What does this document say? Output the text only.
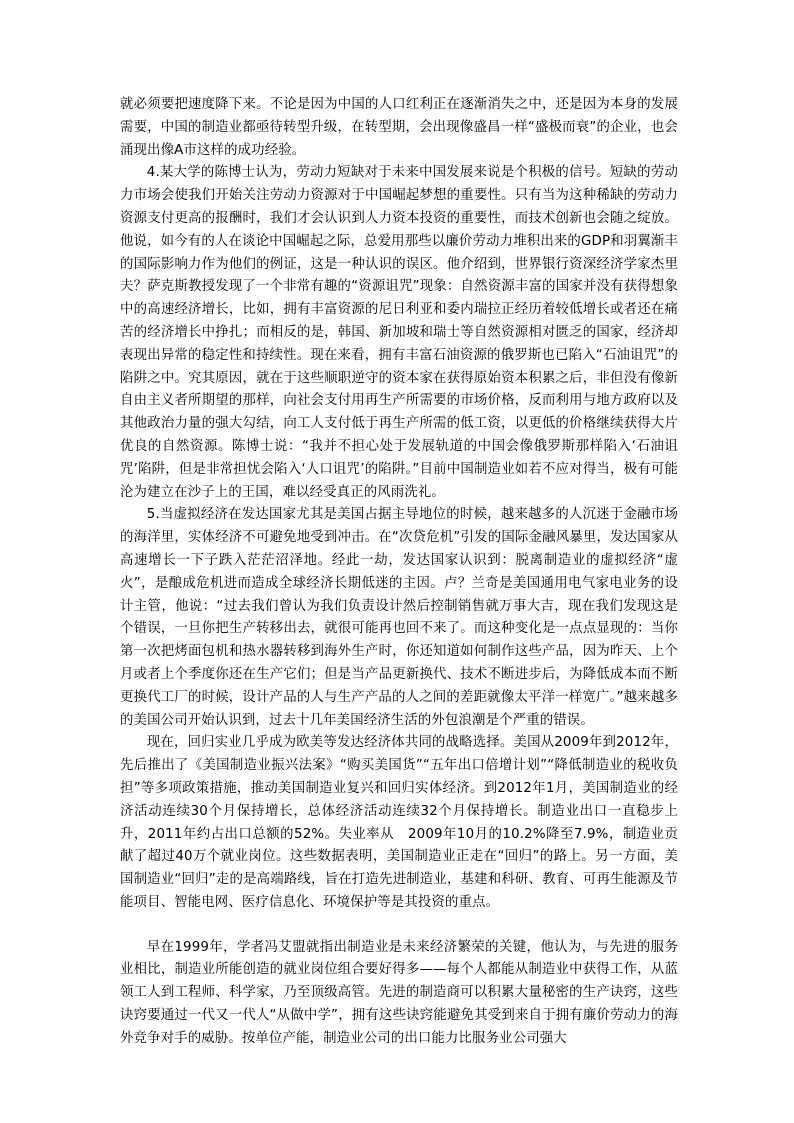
就必须要把速度降下来。不论是因为中国的人口红利正在逐渐消失之中，还是因为本身的发展需要，中国的制造业都亟待转型升级，在转型期，会出现像盛昌一样“盛极而衰”的企业，也会涌现出像A市这样的成功经验。

4.某大学的陈博士认为，劳动力短缺对于未来中国发展来说是个积极的信号。短缺的劳动力市场会使我们开始关注劳动力资源对于中国崛起梦想的重要性。只有当为这种稀缺的劳动力资源支付更高的报酬时，我们才会认识到人力资本投资的重要性，而技术创新也会随之绽放。他说，如今有的人在谈论中国崛起之际，总爱用那些以廉价劳动力堆积出来的GDP和羽翼渐丰的国际影响力作为他们的例证，这是一种认识的误区。他介绍到，世界银行资深经济学家杰里夫？萨克斯教授发现了一个非常有趣的“资源诅咒”现象：自然资源丰富的国家并没有获得想象中的高速经济增长，比如，拥有丰富资源的尼日利亚和委内瑞拉正经历着较低增长或者还在痛苦的经济增长中挣扎；而相反的是，韩国、新加坡和瑞士等自然资源相对匮乏的国家，经济却表现出异常的稳定性和持续性。现在来看，拥有丰富石油资源的俄罗斯也已陷入“石油诅咒”的陷阱之中。究其原因，就在于这些顺职逆守的资本家在获得原始资本积累之后，非但没有像新自由主义者所期望的那样，向社会支付用再生产所需要的市场价格，反而利用与地方政府以及其他政治力量的强大勾结，向工人支付低于再生产所需的低工资，以更低的价格继续获得大片优良的自然资源。陈博士说：“我并不担心处于发展轨道的中国会像俄罗斯那样陷入‘石油诅咒’陷阱，但是非常担忧会陷入‘人口诅咒’的陷阱。”目前中国制造业如若不应对得当，极有可能沦为建立在沙子上的王国，难以经受真正的风雨洗礼。

5.当虚拟经济在发达国家尤其是美国占据主导地位的时候，越来越多的人沉迷于金融市场的海洋里，实体经济不可避免地受到冲击。在“次贷危机”引发的国际金融风暴里，发达国家从高速增长一下子跌入茫茫沼泽地。经此一劫，发达国家认识到：脱离制造业的虚拟经济“虚火”，是酿成危机进而造成全球经济长期低迷的主因。卢？兰奇是美国通用电气家电业务的设计主管，他说：“过去我们曾认为我们负责设计然后控制销售就万事大吉，现在我们发现这是个错误，一旦你把生产转移出去，就很可能再也回不来了。而这种变化是一点点显现的：当你第一次把烤面包机和热水器转移到海外生产时，你还知道如何制作这些产品，因为昨天、上个月或者上个季度你还在生产它们；但是当产品更新换代、技术不断进步后，为降低成本而不断更换代工厂的时候，设计产品的人与生产产品的人之间的差距就像太平洋一样宽广。”越来越多的美国公司开始认识到，过去十几年美国经济生活的外包浪潮是个严重的错误。

现在，回归实业几乎成为欧美等发达经济体共同的战略选择。美国从2009年到2012年，先后推出了《美国制造业振兴法案》“购买美国货”“五年出口倍增计划”“降低制造业的税收负担”等多项政策措施，推动美国制造业复兴和回归实体经济。到2012年1月，美国制造业的经济活动连续30个月保持增长，总体经济活动连续32个月保持增长。制造业出口一直稳步上升，2011年约占出口总额的52%。失业率从　2009年10月的10.2%降至7.9%，制造业贡献了超过40万个就业岗位。这些数据表明，美国制造业正走在“回归”的路上。另一方面，美国制造业“回归”走的是高端路线，旨在打造先进制造业，基建和科研、教育、可再生能源及节能项目、智能电网、医疗信息化、环境保护等是其投资的重点。

早在1999年，学者冯艾盟就指出制造业是未来经济繁荣的关键，他认为，与先进的服务业相比，制造业所能创造的就业岗位组合要好得多——每个人都能从制造业中获得工作，从蓝领工人到工程师、科学家，乃至顶级高管。先进的制造商可以积累大量秘密的生产诀窍，这些诀窍要通过一代又一代人“从做中学”，拥有这些诀窍能避免其受到来自于拥有廉价劳动力的海外竞争对手的威胁。按单位产能，制造业公司的出口能力比服务业公司强大
